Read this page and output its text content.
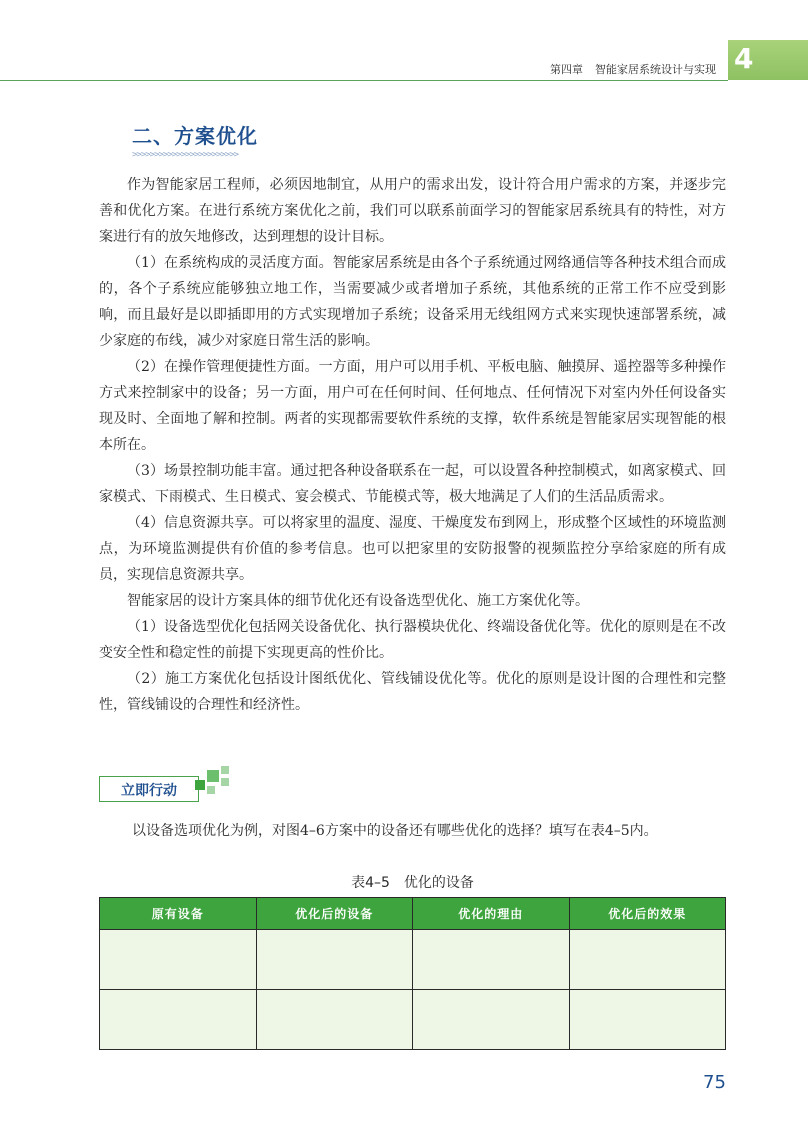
第四章 智能家居系统设计与实现 4
二、方案优化
>>>>>>>>>>>>>>>>>>>>>>>>

作为智能家居工程师，必须因地制宜，从用户的需求出发，设计符合用户需求的方案，并逐步完善和优化方案。在进行系统方案优化之前，我们可以联系前面学习的智能家居系统具有的特性，对方案进行有的放矢地修改，达到理想的设计目标。

（1）在系统构成的灵活度方面。智能家居系统是由各个子系统通过网络通信等各种技术组合而成的，各个子系统应能够独立地工作，当需要减少或者增加子系统，其他系统的正常工作不应受到影响，而且最好是以即插即用的方式实现增加子系统；设备采用无线组网方式来实现快速部署系统，减少家庭的布线，减少对家庭日常生活的影响。

（2）在操作管理便捷性方面。一方面，用户可以用手机、平板电脑、触摸屏、遥控器等多种操作方式来控制家中的设备；另一方面，用户可在任何时间、任何地点、任何情况下对室内外任何设备实现及时、全面地了解和控制。两者的实现都需要软件系统的支撑，软件系统是智能家居实现智能的根本所在。

（3）场景控制功能丰富。通过把各种设备联系在一起，可以设置各种控制模式，如离家模式、回家模式、下雨模式、生日模式、宴会模式、节能模式等，极大地满足了人们的生活品质需求。

（4）信息资源共享。可以将家里的温度、湿度、干燥度发布到网上，形成整个区域性的环境监测点，为环境监测提供有价值的参考信息。也可以把家里的安防报警的视频监控分享给家庭的所有成员，实现信息资源共享。

智能家居的设计方案具体的细节优化还有设备选型优化、施工方案优化等。

（1）设备选型优化包括网关设备优化、执行器模块优化、终端设备优化等。优化的原则是在不改变安全性和稳定性的前提下实现更高的性价比。

（2）施工方案优化包括设计图纸优化、管线铺设优化等。优化的原则是设计图的合理性和完整性，管线铺设的合理性和经济性。

立即行动
以设备选项优化为例，对图4–6方案中的设备还有哪些优化的选择？填写在表4–5内。
表4–5 优化的设备
原有设备	优化后的设备	优化的理由	优化后的效果

75
